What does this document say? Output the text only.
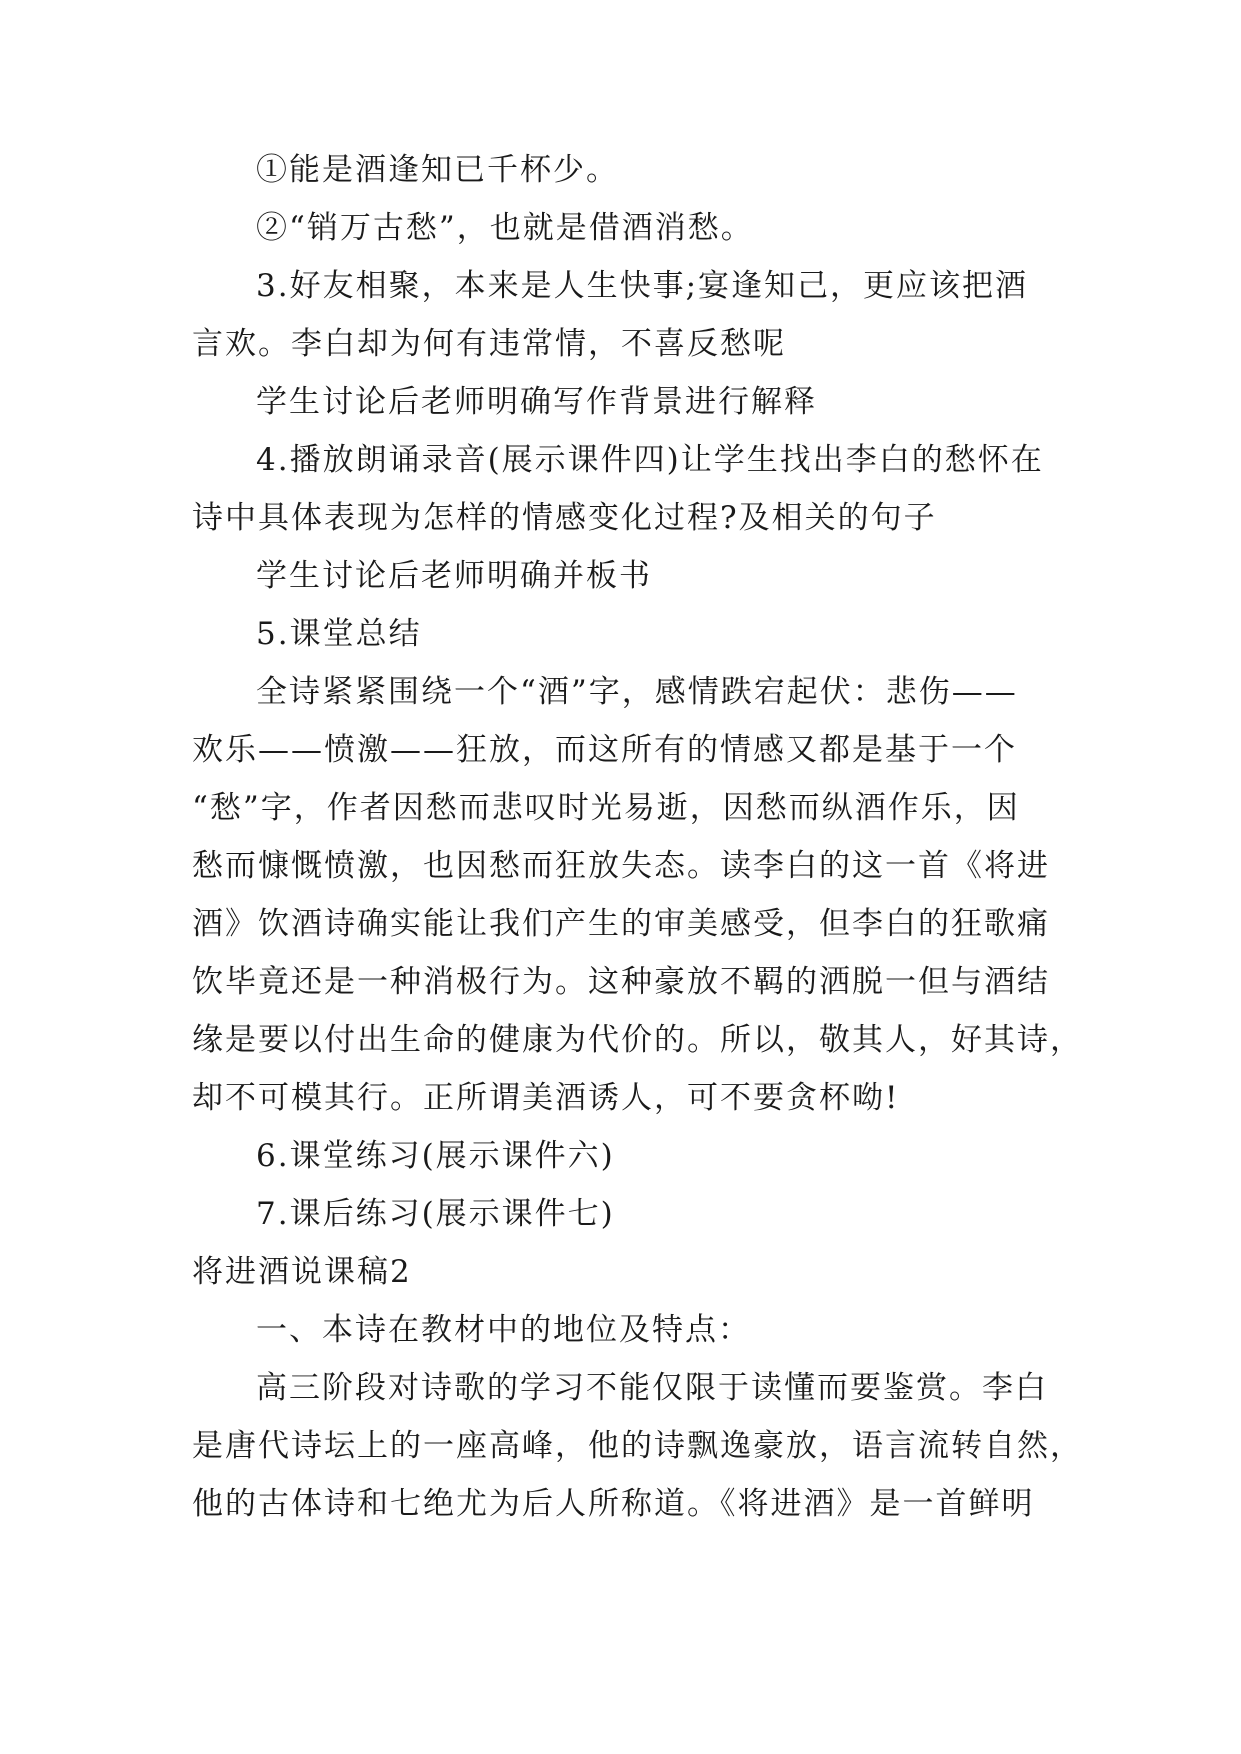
①能是酒逢知已千杯少。
②“销万古愁”，也就是借酒消愁。
3.好友相聚，本来是人生快事;宴逢知己，更应该把酒
言欢。李白却为何有违常情，不喜反愁呢
学生讨论后老师明确写作背景进行解释
4.播放朗诵录音(展示课件四)让学生找出李白的愁怀在
诗中具体表现为怎样的情感变化过程?及相关的句子
学生讨论后老师明确并板书
5.课堂总结
全诗紧紧围绕一个“酒”字，感情跌宕起伏：悲伤——
欢乐——愤激——狂放，而这所有的情感又都是基于一个
“愁”字，作者因愁而悲叹时光易逝，因愁而纵酒作乐，因
愁而慷慨愤激，也因愁而狂放失态。读李白的这一首《将进
酒》饮酒诗确实能让我们产生的审美感受，但李白的狂歌痛
饮毕竟还是一种消极行为。这种豪放不羁的洒脱一但与酒结
缘是要以付出生命的健康为代价的。所以，敬其人，好其诗，
却不可模其行。正所谓美酒诱人，可不要贪杯呦!
6.课堂练习(展示课件六)
7.课后练习(展示课件七)
将进酒说课稿2
一、本诗在教材中的地位及特点：
高三阶段对诗歌的学习不能仅限于读懂而要鉴赏。李白
是唐代诗坛上的一座高峰，他的诗飘逸豪放，语言流转自然，
他的古体诗和七绝尤为后人所称道。《将进酒》是一首鲜明
